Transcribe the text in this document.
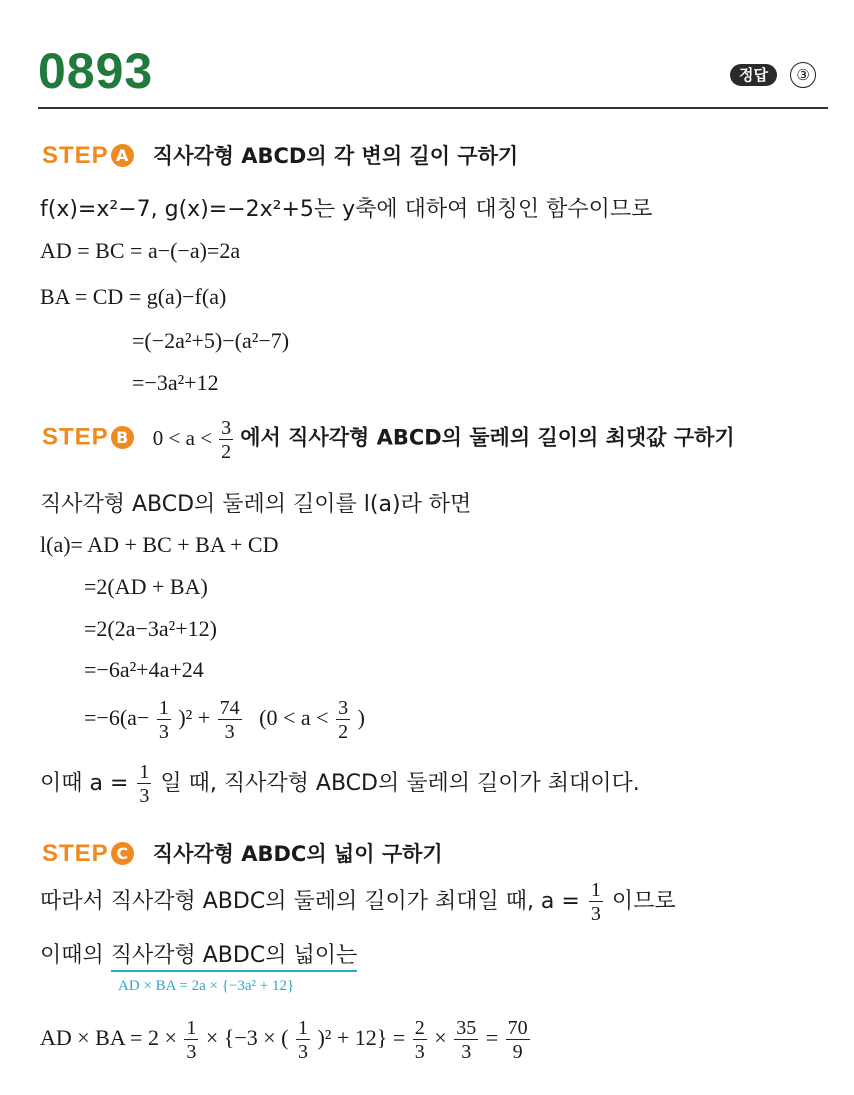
0893	정답 ③
STEP A 직사각형 ABCD의 각 변의 길이 구하기
f(x)=x²−7, g(x)=−2x²+5는 y축에 대하여 대칭인 함수이므로
AD = BC = a−(−a)=2a
BA = CD = g(a)−f(a)
=(−2a²+5)−(a²−7)
=−3a²+12
STEP B $0 < a < \frac{3}{2}$ 에서 직사각형 ABCD의 둘레의 길이의 최댓값 구하기
직사각형 ABCD의 둘레의 길이를 l(a)라 하면
l(a)= AD + BC + BA + CD
=2(AD + BA)
=2(2a−3a²+12)
=−6a²+4a+24
$=-6(a- \frac{1}{3} )^2 + \frac{74}{3} (0 < a < \frac{3}{2}$ )
이때 $a = \frac{1}{3}$ 일 때, 직사각형 ABCD의 둘레의 길이가 최대이다.
STEP C 직사각형 ABDC의 넓이 구하기
따라서 직사각형 ABDC의 둘레의 길이가 최대일 때, $a = \frac{1}{3}$ 이므로
이때의 직사각형 ABDC의 넓이는
AD × BA = 2a × {−3a² + 12}
AD × BA = $2 \times \frac{1}{3} \times \{-3$ × ( $\frac{1}{3} )^2 + 12\} = \frac{2}{3} \times \frac{35}{3} = \frac{70}{9}$
